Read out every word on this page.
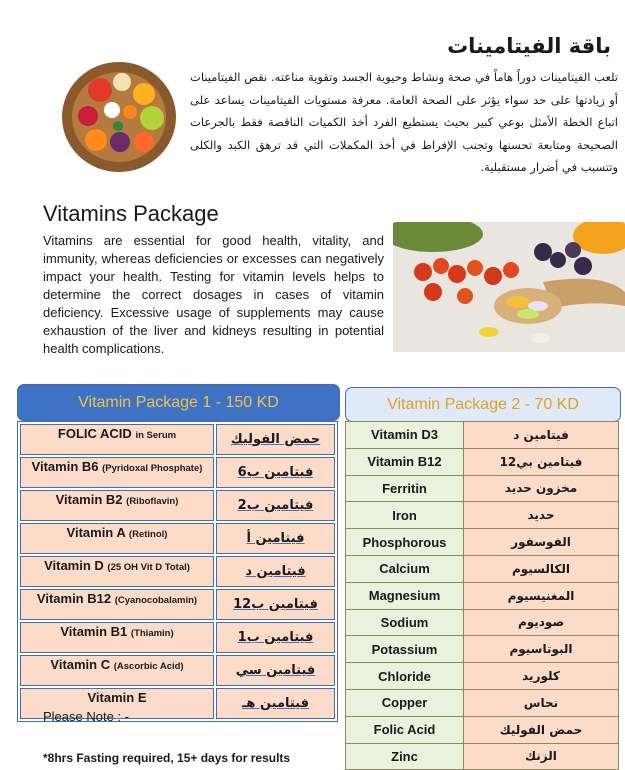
باقة الفيتامينات
تلعب الفيتامينات دوراً هاماً في صحة ونشاط وحيوية الجسد وتقوية مناعته. نقص الفيتامينات أو زيادتها على حد سواء يؤثر على الصحة العامة. معرفة مستويات الفيتامينات يساعد على اتباع الخطة الأمثل بوعي كبير بحيث يستطيع الفرد أخذ الكميات الناقصة فقط بالجرعات الصحيحة ومتابعة تحسنها وتجنب الإفراط في أخذ المكملات التي قد ترهق الكبد والكلى وتتسبب في أضرار مستقبلية.
Vitamins Package
Vitamins are essential for good health, vitality, and immunity, whereas deficiencies or excesses can negatively impact your health. Testing for vitamin levels helps to determine the correct dosages in cases of vitamin deficiency. Excessive usage of supplements may cause exhaustion of the liver and kidneys resulting in potential health complications.
Vitamin Package 1 - 150 KD	Vitamin Package 2 - 70 KD
FOLIC ACID in Serum	حمض الفوليك
Vitamin B6 (Pyridoxal Phosphate)	فيتامين ب6
Vitamin B2 (Riboflavin)	فيتامين ب2
Vitamin A (Retinol)	فيتامين أ
Vitamin D (25 OH Vit D Total)	فيتامين د
Vitamin B12 (Cyanocobalamin)	فيتامين ب12
Vitamin B1 (Thiamin)	فيتامين ب1
Vitamin C (Ascorbic Acid)	فيتامين سي
Vitamin E	فيتامين هـ
Vitamin D3	فيتامين د
Vitamin B12	فيتامين بي12
Ferritin	مخزون حديد
Iron	حديد
Phosphorous	الفوسفور
Calcium	الكالسيوم
Magnesium	المغنيسيوم
Sodium	صوديوم
Potassium	البوتاسيوم
Chloride	كلوريد
Copper	نحاس
Folic Acid	حمض الفوليك
Zinc	الزنك
Please Note : -
*8hrs Fasting required, 15+ days for results
